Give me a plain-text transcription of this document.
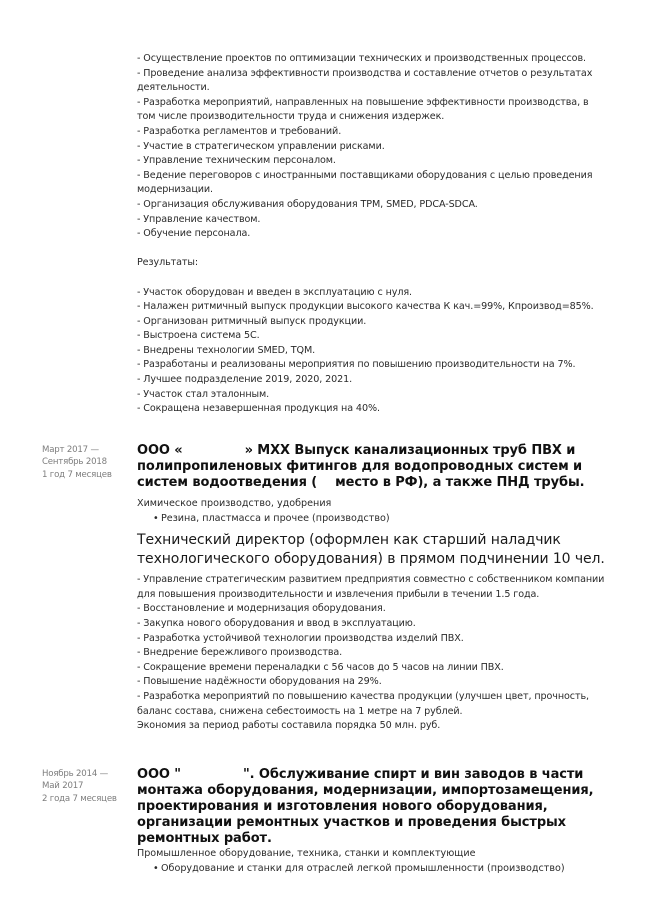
- Осуществление проектов по оптимизации технических и производственных процессов.
- Проведение анализа эффективности производства и составление отчетов о результатах деятельности.
- Разработка мероприятий, направленных на повышение эффективности производства, в том числе производительности труда и снижения издержек.
- Разработка регламентов и требований.
- Участие в стратегическом управлении рисками.
- Управление техническим персоналом.
- Ведение переговоров с иностранными поставщиками оборудования с целью проведения модернизации.
- Организация обслуживания оборудования TPM, SMED, PDCA-SDCA.
- Управление качеством.
- Обучение персонала.
Результаты:
- Участок оборудован и введен в эксплуатацию с нуля.
- Налажен ритмичный выпуск продукции высокого качества К кач.=99%, Кпроизвод=85%.
- Организован ритмичный выпуск продукции.
- Выстроена система 5С.
- Внедрены технологии SMED, TQM.
- Разработаны и реализованы мероприятия по повышению производительности на 7%.
- Лучшее подразделение 2019, 2020, 2021.
- Участок стал эталонным.
- Сокращена незавершенная продукция на 40%.
Март 2017 —
Сентябрь 2018
1 год 7 месяцев
ООО «	» МХХ Выпуск канализационных труб ПВХ и полипропиленовых фитингов для водопроводных систем и систем водоотведения ( место в РФ), а также ПНД трубы.
Химическое производство, удобрения
• Резина, пластмасса и прочее (производство)
Технический директор (оформлен как старший наладчик технологического оборудования) в прямом подчинении 10 чел.
- Управление стратегическим развитием предприятия совместно с собственником компании для повышения производительности и извлечения прибыли в течении 1.5 года.
- Восстановление и модернизация оборудования.
- Закупка нового оборудования и ввод в эксплуатацию.
- Разработка устойчивой технологии производства изделий ПВХ.
- Внедрение бережливого производства.
- Сокращение времени переналадки с 56 часов до 5 часов на линии ПВХ.
- Повышение надёжности оборудования на 29%.
- Разработка мероприятий по повышению качества продукции (улучшен цвет, прочность, баланс состава, снижена себестоимость на 1 метре на 7 рублей.
Экономия за период работы составила порядка 50 млн. руб.
Ноябрь 2014 —
Май 2017
2 года 7 месяцев
ООО "	". Обслуживание спирт и вин заводов в части монтажа оборудования, модернизации, импортозамещения, проектирования и изготовления нового оборудования, организации ремонтных участков и проведения быстрых ремонтных работ.
Промышленное оборудование, техника, станки и комплектующие
• Оборудование и станки для отраслей легкой промышленности (производство)
